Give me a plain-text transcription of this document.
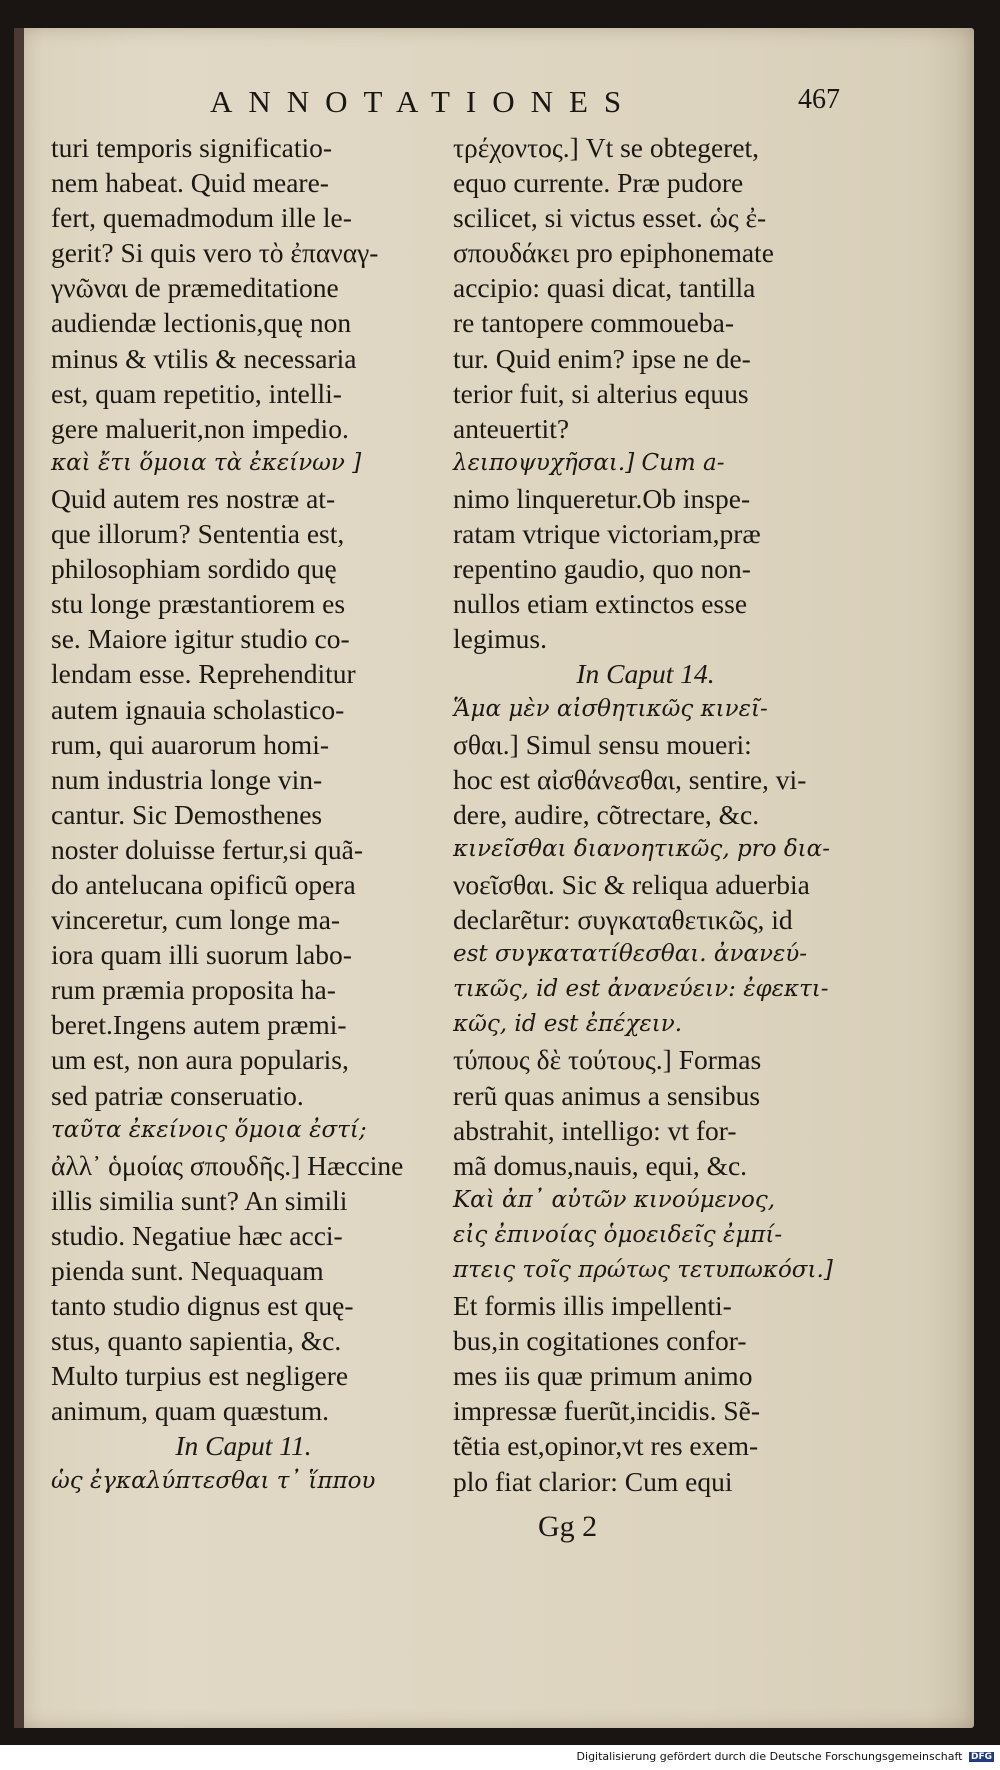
ANNOTATIONES	467
turi temporis significatio-
nem habeat. Quid meare-
fert, quemadmodum ille le-
gerit? Si quis vero τὸ ἐπαναγ-
γνῶναι de præmeditatione
audiendæ lectionis,quę non
minus & vtilis & necessaria
est, quam repetitio, intelli-
gere maluerit,non impedio.
καὶ ἔτι ὅμοια τὰ ἐκείνων ]
Quid autem res nostræ at-
que illorum? Sententia est,
philosophiam sordido quę
stu longe præstantiorem es
se. Maiore igitur studio co-
lendam esse. Reprehenditur
autem ignauia scholastico-
rum, qui auarorum homi-
num industria longe vin-
cantur. Sic Demosthenes
noster doluisse fertur,si quã-
do antelucana opificũ opera
vinceretur, cum longe ma-
iora quam illi suorum labo-
rum præmia proposita ha-
beret.Ingens autem præmi-
um est, non aura popularis,
sed patriæ conseruatio.
ταῦτα ἐκείνοις ὅμοια ἐστί;
ἀλλ᾽ ὁμοίας σπουδῆς.] Hæccine
illis similia sunt? An simili
studio. Negatiue hæc acci-
pienda sunt. Nequaquam
tanto studio dignus est quę-
stus, quanto sapientia, &c.
Multo turpius est negligere
animum, quam quæstum.
In Caput 11.
ὡς ἐγκαλύπτεσθαι τ᾽ ἵππου
τρέχοντος.] Vt se obtegeret,
equo currente. Præ pudore
scilicet, si victus esset. ὡς ἐ-
σπουδάκει pro epiphonemate
accipio: quasi dicat, tantilla
re tantopere commoueba-
tur. Quid enim? ipse ne de-
terior fuit, si alterius equus
anteuertit?
λειποψυχῆσαι.] Cum a-
nimo linqueretur.Ob inspe-
ratam vtrique victoriam,præ
repentino gaudio, quo non-
nullos etiam extinctos esse
legimus.
In Caput 14.
Ἅμα μὲν αἰσθητικῶς κινεῖ-
σθαι.] Simul sensu moueri:
hoc est αἰσθάνεσθαι, sentire, vi-
dere, audire, cõtrectare, &c.
κινεῖσθαι διανοητικῶς, pro δια-
νοεῖσθαι. Sic & reliqua aduerbia
declarẽtur: συγκαταθετικῶς, id
est συγκατατίθεσθαι. ἀνανεύ-
τικῶς, id est ἀνανεύειν: ἐφεκτι-
κῶς, id est ἐπέχειν.
τύπους δὲ τούτους.] Formas
rerũ quas animus a sensibus
abstrahit, intelligo: vt for-
mã domus,nauis, equi, &c.
Καὶ ἀπ᾽ αὐτῶν κινούμενος,
εἰς ἐπινοίας ὁμοειδεῖς ἐμπί-
πτεις τοῖς πρώτως τετυπωκόσι.]
Et formis illis impellenti-
bus,in cogitationes confor-
mes iis quæ primum animo
impressæ fuerũt,incidis. Sẽ-
tẽtia est,opinor,vt res exem-
plo fiat clarior: Cum equi
Gg 2
Digitalisierung gefördert durch die Deutsche Forschungsgemeinschaft DFG
